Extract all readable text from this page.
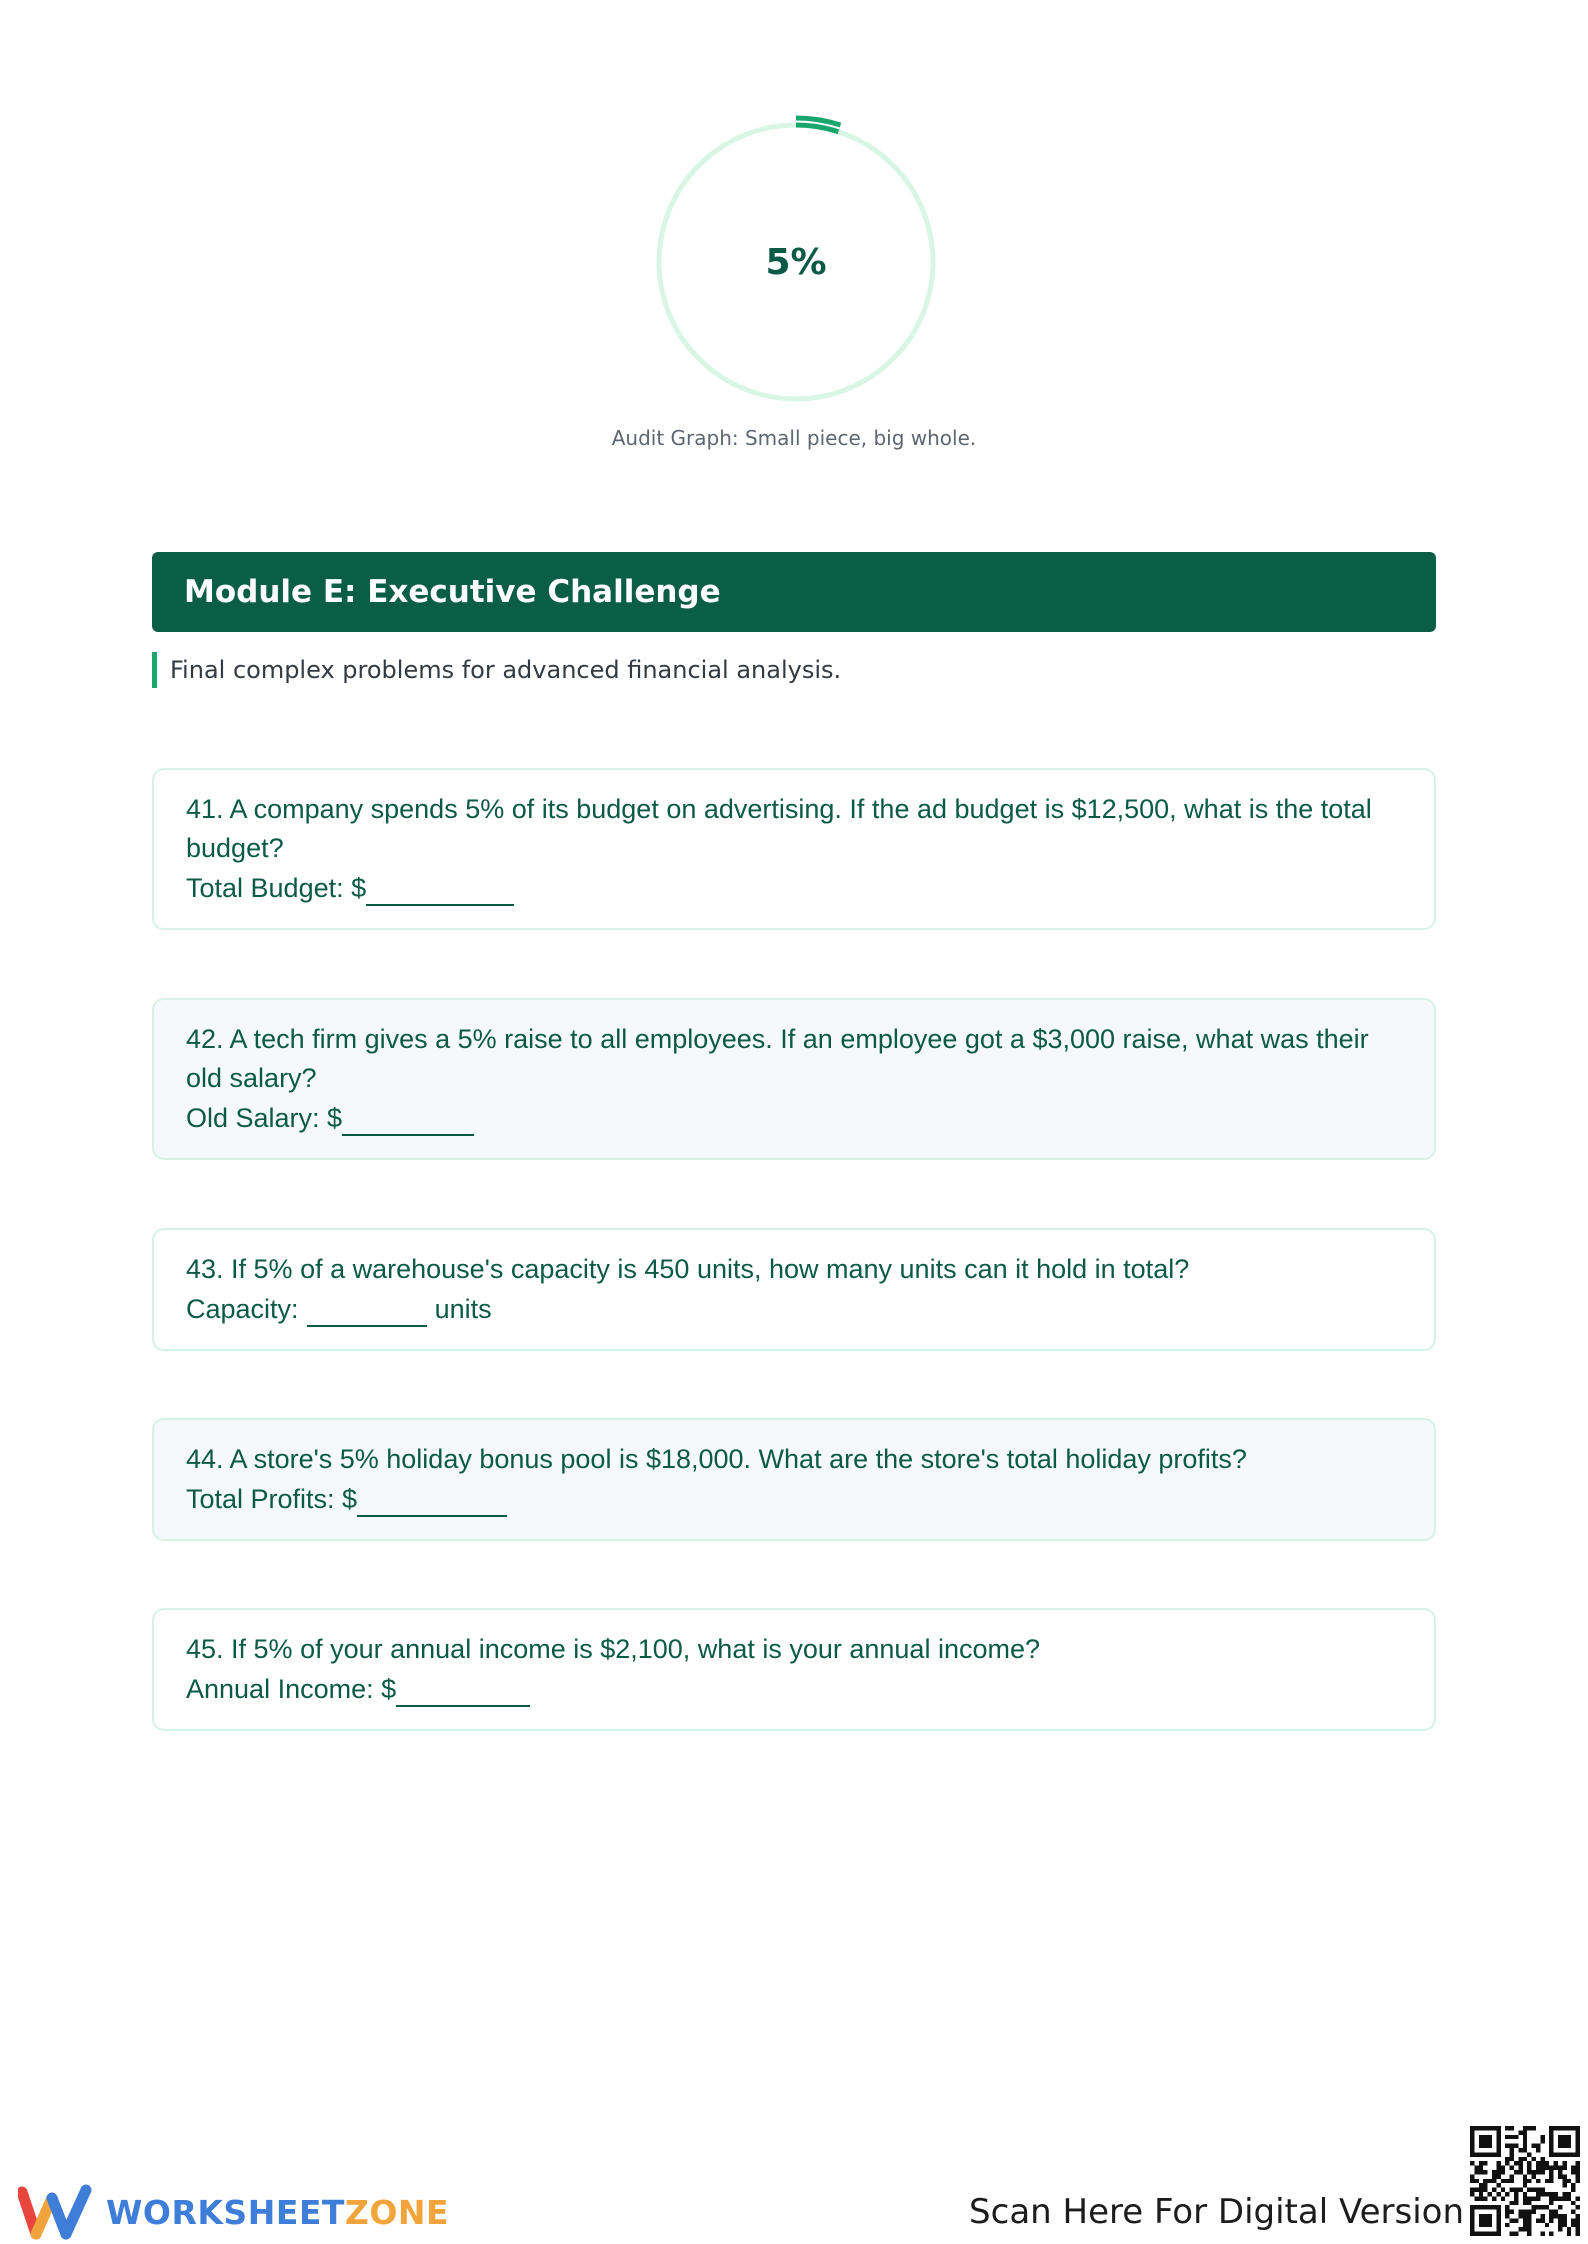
5%
Audit Graph: Small piece, big whole.
Module E: Executive Challenge
Final complex problems for advanced financial analysis.

41. A company spends 5% of its budget on advertising. If the ad budget is $12,500, what is the total budget?

Total Budget: $

42. A tech firm gives a 5% raise to all employees. If an employee got a $3,000 raise, what was their old salary?

Old Salary: $

43. If 5% of a warehouse's capacity is 450 units, how many units can it hold in total?

Capacity:	units

44. A store's 5% holiday bonus pool is $18,000. What are the store's total holiday profits?

Total Profits: $

45. If 5% of your annual income is $2,100, what is your annual income?

Annual Income: $

WORKSHEETZONE	Scan Here For Digital Version
